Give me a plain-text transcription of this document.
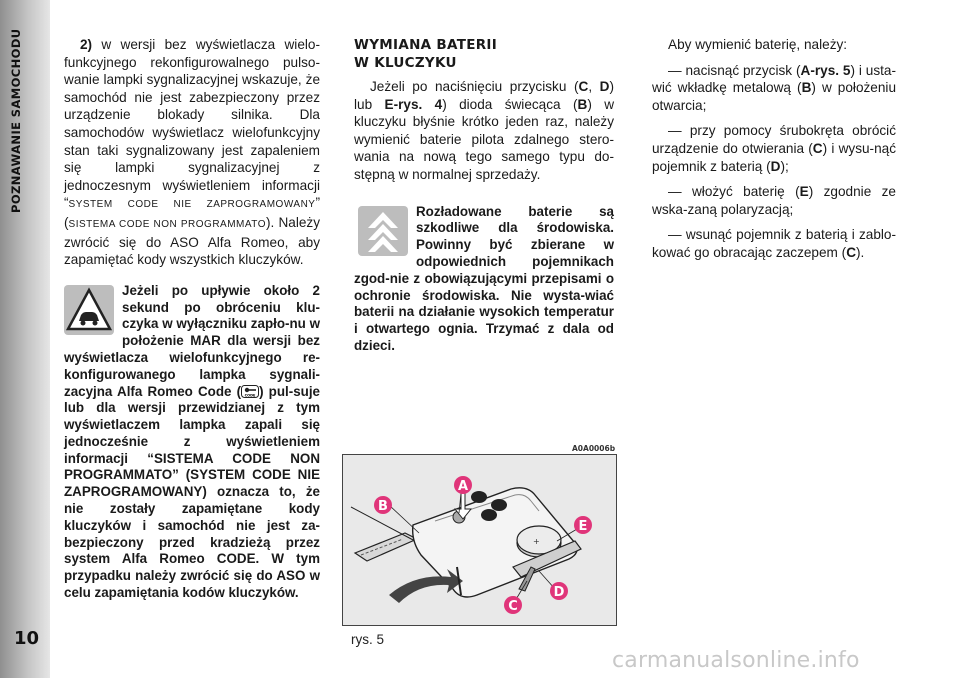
POZNAWANIE SAMOCHODU
10

2) w wersji bez wyświetlacza wielo-funkcyjnego rekonfigurowalnego pulso-wanie lampki sygnalizacyjnej wskazuje, że samochód nie jest zabezpieczony przez urządzenie blokady silnika. Dla samochodów wyświetlacz wielofunkcyjny stan taki sygnalizowany jest zapaleniem się lampki sygnalizacyjnej z jednoczesnym wyświetleniem informacji “SYSTEM CODE NIE ZAPROGRAMOWANY” (SISTEMA CODE NON PROGRAMMATO). Należy zwrócić się do ASO Alfa Romeo, aby zapamiętać kody wszystkich kluczyków.

Jeżeli po upływie około 2 sekund po obróceniu klu-czyka w wyłączniku zapło-nu w położenie MAR dla wersji bez wyświetlacza wielofunkcyjnego re-konfigurowanego lampka sygnali-zacyjna Alfa Romeo Code ( CODE ) pul-suje lub dla wersji przewidzianej z tym wyświetlaczem lampka zapali się jednocześnie z wyświetleniem informacji “SISTEMA CODE NON PROGRAMMATO” (SYSTEM CODE NIE ZAPROGRAMOWANY) oznacza to, że nie zostały zapamiętane kody kluczyków i samochód nie jest za-bezpieczony przed kradzieżą przez system Alfa Romeo CODE. W tym przypadku należy zwrócić się do ASO w celu zapamiętania kodów kluczyków.

WYMIANA BATERII
W KLUCZYKU

Jeżeli po naciśnięciu przycisku (C, D) lub E-rys. 4) dioda świecąca (B) w kluczyku błyśnie krótko jeden raz, należy wymienić baterie pilota zdalnego stero-wania na nową tego samego typu do-stępną w normalnej sprzedaży.

Rozładowane baterie są szkodliwe dla środowiska. Powinny być zbierane w odpowiednich pojemnikach zgod-nie z obowiązującymi przepisami o ochronie środowiska. Nie wysta-wiać baterii na działanie wysokich temperatur i otwartego ognia. Trzymać z dala od dzieci.

Aby wymienić baterię, należy:

— nacisnąć przycisk (A-rys. 5) i usta-wić wkładkę metalową (B) w położeniu otwarcia;

— przy pomocy śrubokręta obrócić urządzenie do otwierania (C) i wysu-nąć pojemnik z baterią (D);

— włożyć baterię (E) zgodnie ze wska-zaną polaryzacją;

— wsunąć pojemnik z baterią i zablo-kować go obracając zaczepem (C).

A0A0006b
+
A
B
E
D
C
rys. 5
carmanualsonline.info
